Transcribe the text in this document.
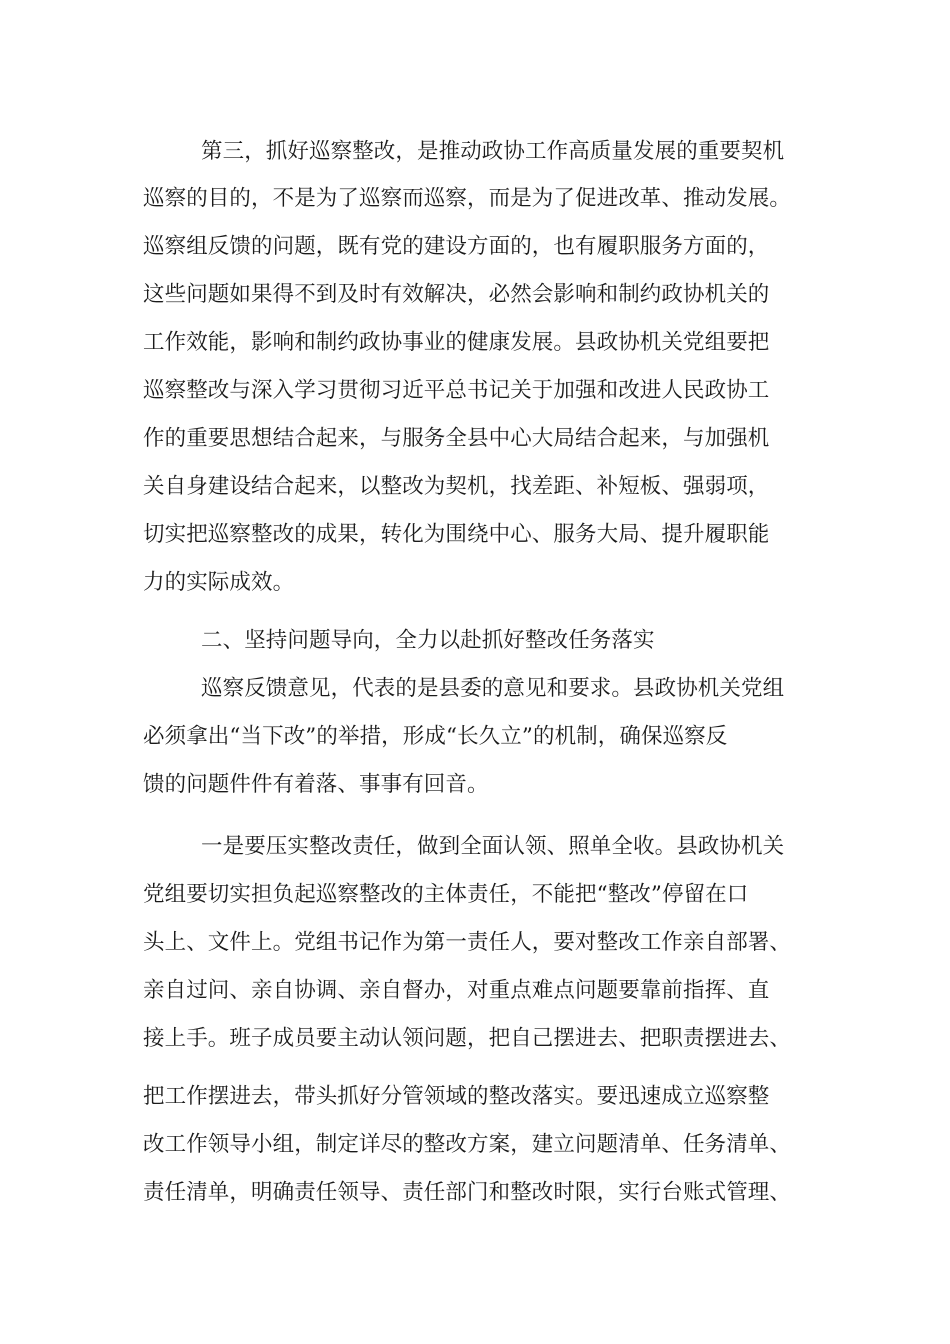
第三，抓好巡察整改，是推动政协工作高质量发展的重要契机
巡察的目的，不是为了巡察而巡察，而是为了促进改革、推动发展。
巡察组反馈的问题，既有党的建设方面的，也有履职服务方面的，
这些问题如果得不到及时有效解决，必然会影响和制约政协机关的
工作效能，影响和制约政协事业的健康发展。县政协机关党组要把
巡察整改与深入学习贯彻习近平总书记关于加强和改进人民政协工
作的重要思想结合起来，与服务全县中心大局结合起来，与加强机
关自身建设结合起来，以整改为契机，找差距、补短板、强弱项，
切实把巡察整改的成果，转化为围绕中心、服务大局、提升履职能
力的实际成效。
二、坚持问题导向，全力以赴抓好整改任务落实
巡察反馈意见，代表的是县委的意见和要求。县政协机关党组
必须拿出“当下改”的举措，形成“长久立”的机制，确保巡察反
馈的问题件件有着落、事事有回音。
一是要压实整改责任，做到全面认领、照单全收。县政协机关
党组要切实担负起巡察整改的主体责任，不能把“整改”停留在口
头上、文件上。党组书记作为第一责任人，要对整改工作亲自部署、
亲自过问、亲自协调、亲自督办，对重点难点问题要靠前指挥、直
接上手。班子成员要主动认领问题，把自己摆进去、把职责摆进去、
把工作摆进去，带头抓好分管领域的整改落实。要迅速成立巡察整
改工作领导小组，制定详尽的整改方案，建立问题清单、任务清单、
责任清单，明确责任领导、责任部门和整改时限，实行台账式管理、
